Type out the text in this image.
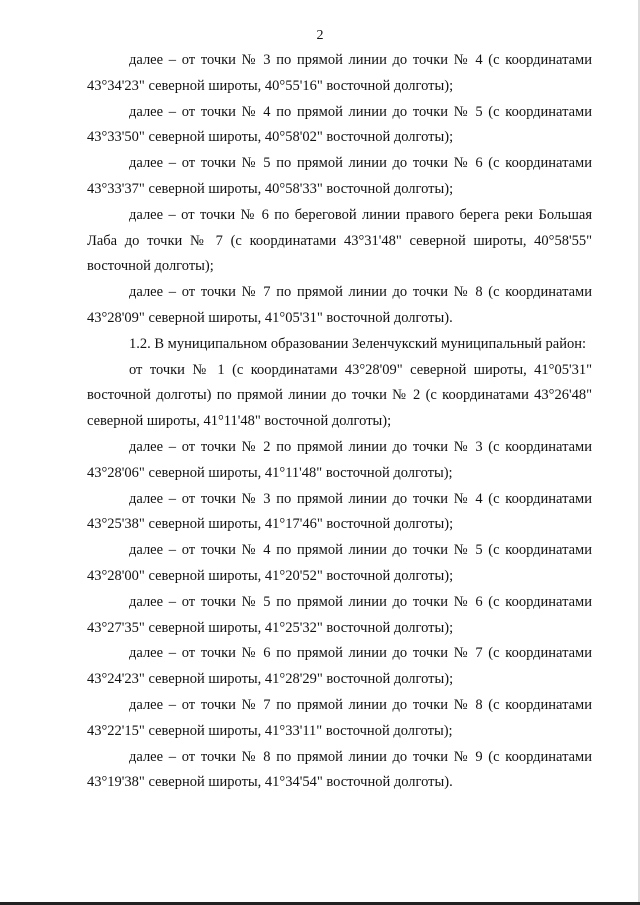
2

далее – от точки № 3 по прямой линии до точки № 4 (с координатами 43°34'23" северной широты, 40°55'16" восточной долготы);

далее – от точки № 4 по прямой линии до точки № 5 (с координатами 43°33'50" северной широты, 40°58'02" восточной долготы);

далее – от точки № 5 по прямой линии до точки № 6 (с координатами 43°33'37" северной широты, 40°58'33" восточной долготы);

далее – от точки № 6 по береговой линии правого берега реки Большая Лаба до точки № 7 (с координатами 43°31'48" северной широты, 40°58'55" восточной долготы);

далее – от точки № 7 по прямой линии до точки № 8 (с координатами 43°28'09" северной широты, 41°05'31" восточной долготы).

1.2. В муниципальном образовании Зеленчукский муниципальный район:

от точки № 1 (с координатами 43°28'09" северной широты, 41°05'31" восточной долготы) по прямой линии до точки № 2 (с координатами 43°26'48" северной широты, 41°11'48" восточной долготы);

далее – от точки № 2 по прямой линии до точки № 3 (с координатами 43°28'06" северной широты, 41°11'48" восточной долготы);

далее – от точки № 3 по прямой линии до точки № 4 (с координатами 43°25'38" северной широты, 41°17'46" восточной долготы);

далее – от точки № 4 по прямой линии до точки № 5 (с координатами 43°28'00" северной широты, 41°20'52" восточной долготы);

далее – от точки № 5 по прямой линии до точки № 6 (с координатами 43°27'35" северной широты, 41°25'32" восточной долготы);

далее – от точки № 6 по прямой линии до точки № 7 (с координатами 43°24'23" северной широты, 41°28'29" восточной долготы);

далее – от точки № 7 по прямой линии до точки № 8 (с координатами 43°22'15" северной широты, 41°33'11" восточной долготы);

далее – от точки № 8 по прямой линии до точки № 9 (с координатами 43°19'38" северной широты, 41°34'54" восточной долготы).
